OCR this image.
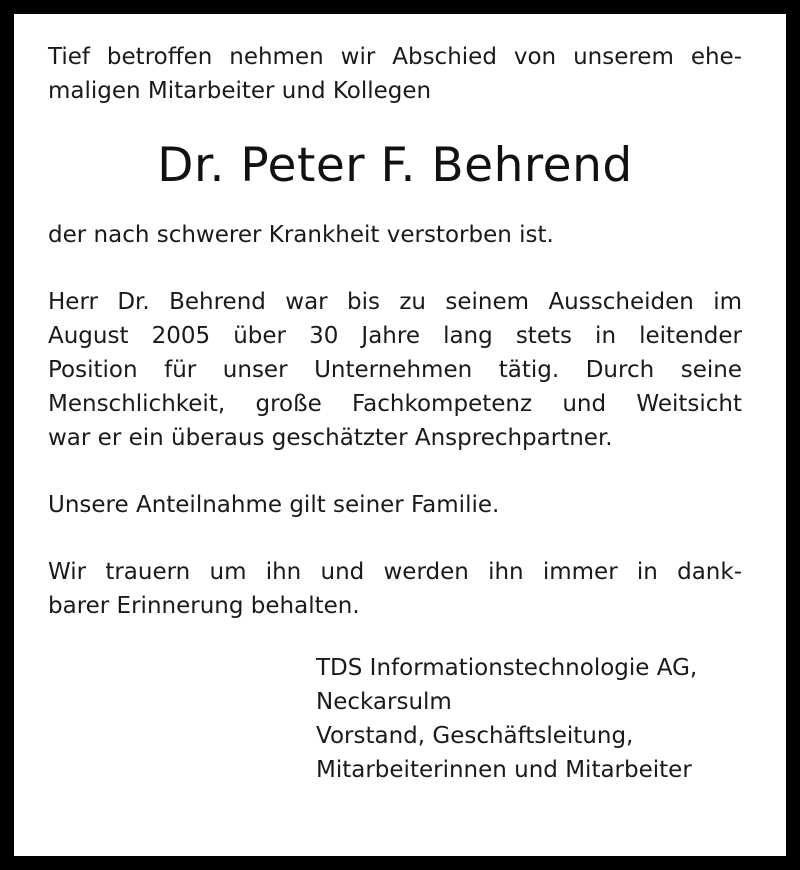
Tief betroffen nehmen wir Abschied von unserem ehe-
maligen Mitarbeiter und Kollegen

Dr. Peter F. Behrend

der nach schwerer Krankheit verstorben ist.

Herr Dr. Behrend war bis zu seinem Ausscheiden im
August 2005 über 30 Jahre lang stets in leitender
Position für unser Unternehmen tätig. Durch seine
Menschlichkeit, große Fachkompetenz und Weitsicht
war er ein überaus geschätzter Ansprechpartner.

Unsere Anteilnahme gilt seiner Familie.

Wir trauern um ihn und werden ihn immer in dank-
barer Erinnerung behalten.

TDS Informationstechnologie AG,
Neckarsulm
Vorstand, Geschäftsleitung,
Mitarbeiterinnen und Mitarbeiter
